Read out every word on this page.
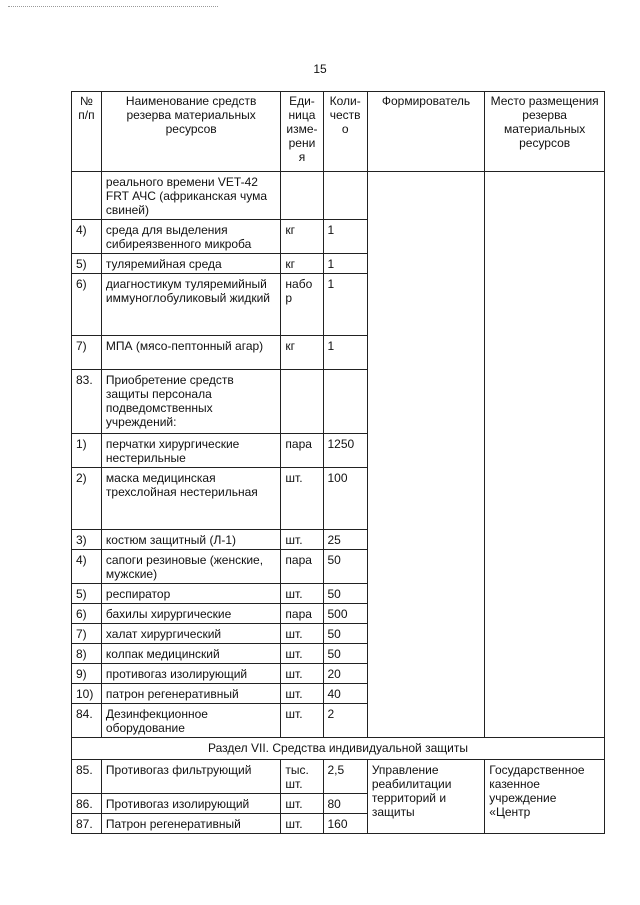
15
№ п/п	Наименование средств резерва материальных ресурсов	Еди-ница изме-рения	Коли-чество	Формирователь	Место размещения резерва материальных ресурсов
	реального времени VET-42 FRT АЧС (африканская чума свиней)				
4)	среда для выделения сибиреязвенного микроба	кг	1		
5)	туляремийная среда	кг	1		
6)	диагностикум туляремийный иммуноглобуликовый жидкий	набор	1		
7)	МПА (мясо-пептонный агар)	кг	1		
83.	Приобретение средств защиты персонала подведомственных учреждений:				
1)	перчатки хирургические нестерильные	пара	1250		
2)	маска медицинская трехслойная нестерильная	шт.	100		
3)	костюм защитный (Л-1)	шт.	25		
4)	сапоги резиновые (женские, мужские)	пара	50		
5)	респиратор	шт.	50		
6)	бахилы хирургические	пара	500		
7)	халат хирургический	шт.	50		
8)	колпак медицинский	шт.	50		
9)	противогаз изолирующий	шт.	20		
10)	патрон регенеративный	шт.	40		
84.	Дезинфекционное оборудование	шт.	2		
Раздел VII. Средства индивидуальной защиты					
85.	Противогаз фильтрующий	тыс. шт.	2,5	Управление реабилитации территорий и защиты	Государственное казенное учреждение «Центр
86.	Противогаз изолирующий	шт.	80		
87.	Патрон регенеративный	шт.	160		
